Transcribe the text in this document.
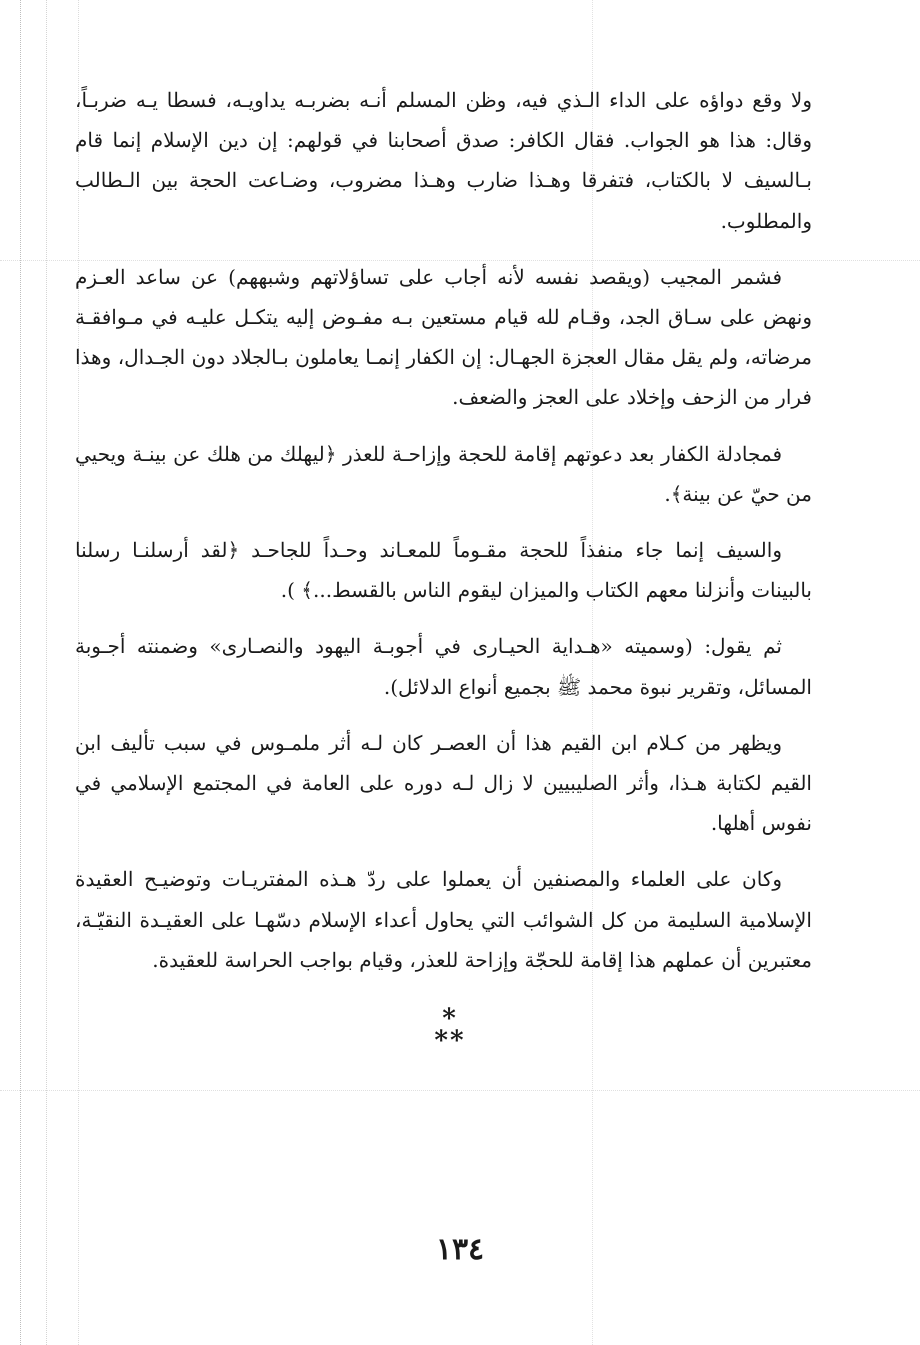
ولا وقع دواؤه على الداء الـذي فيه، وظن المسلم أنـه بضربـه يداويـه، فسطا يـه ضربـاً، وقال: هذا هو الجواب. فقال الكافر: صدق أصحابنا في قولهم: إن دين الإسلام إنما قام بـالسيف لا بالكتاب، فتفرقا وهـذا ضارب وهـذا مضروب، وضـاعت الحجة بين الـطالب والمطلوب.

فشمر المجيب (ويقصد نفسه لأنه أجاب على تساؤلاتهم وشبههم) عن ساعد العـزم ونهض على سـاق الجد، وقـام لله قيام مستعين بـه مفـوض إليه يتكـل عليـه في مـوافقـة مرضاته، ولم يقل مقال العجزة الجهـال: إن الكفار إنمـا يعاملون بـالجلاد دون الجـدال، وهذا فرار من الزحف وإخلاد على العجز والضعف.

فمجادلة الكفار بعد دعوتهم إقامة للحجة وإزاحـة للعذر ﴿ليهلك من هلك عن بينـة ويحيي من حيّ عن بينة﴾.

والسيف إنما جاء منفذاً للحجة مقـوماً للمعـاند وحـداً للجاحـد ﴿لقد أرسلنـا رسلنا بالبينات وأنزلنا معهم الكتاب والميزان ليقوم الناس بالقسط...﴾ ).

ثم يقول: (وسميته «هـداية الحيـارى في أجوبـة اليهود والنصـارى» وضمنته أجـوبة المسائل، وتقرير نبوة محمد ﷺ بجميع أنواع الدلائل).

ويظهر من كـلام ابن القيم هذا أن العصـر كان لـه أثر ملمـوس في سبب تأليف ابن القيم لكتابة هـذا، وأثر الصليبيين لا زال لـه دوره على العامة في المجتمع الإسلامي في نفوس أهلها.

وكان على العلماء والمصنفين أن يعملوا على ردّ هـذه المفتريـات وتوضيـح العقيدة الإسلامية السليمة من كل الشوائب التي يحاول أعداء الإسلام دسّهـا على العقيـدة النقيّـة، معتبرين أن عملهم هذا إقامة للحجّة وإزاحة للعذر، وقيام بواجب الحراسة للعقيدة.

*
**
١٣٤
